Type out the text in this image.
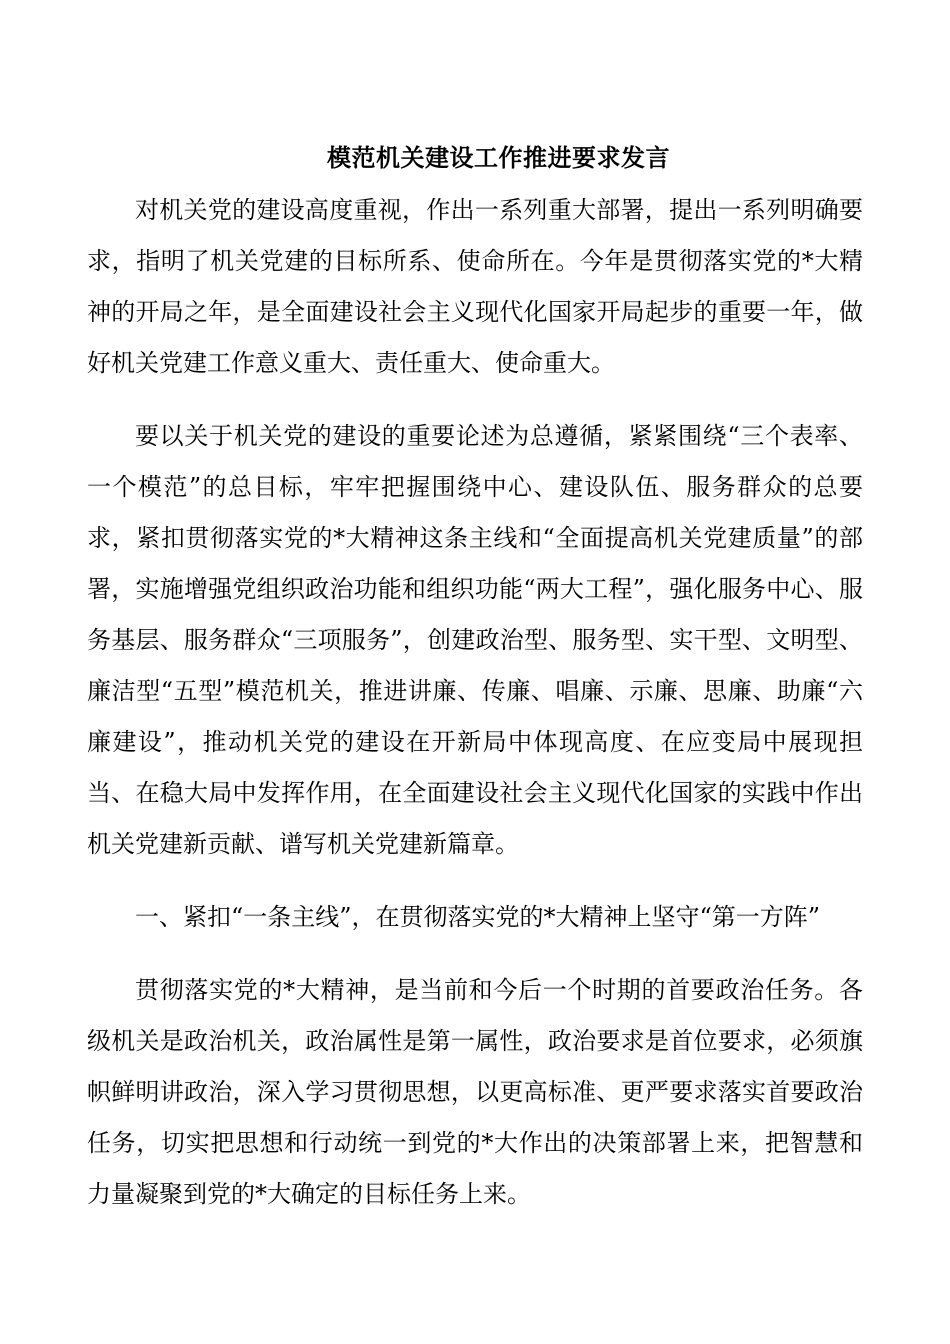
模范机关建设工作推进要求发言

对机关党的建设高度重视，作出一系列重大部署，提出一系列明确要求，指明了机关党建的目标所系、使命所在。今年是贯彻落实党的*大精神的开局之年，是全面建设社会主义现代化国家开局起步的重要一年，做好机关党建工作意义重大、责任重大、使命重大。

要以关于机关党的建设的重要论述为总遵循，紧紧围绕“三个表率、一个模范”的总目标，牢牢把握围绕中心、建设队伍、服务群众的总要求，紧扣贯彻落实党的*大精神这条主线和“全面提高机关党建质量”的部署，实施增强党组织政治功能和组织功能“两大工程”，强化服务中心、服务基层、服务群众“三项服务”，创建政治型、服务型、实干型、文明型、廉洁型“五型”模范机关，推进讲廉、传廉、唱廉、示廉、思廉、助廉“六廉建设”，推动机关党的建设在开新局中体现高度、在应变局中展现担当、在稳大局中发挥作用，在全面建设社会主义现代化国家的实践中作出机关党建新贡献、谱写机关党建新篇章。

一、紧扣“一条主线”，在贯彻落实党的*大精神上坚守“第一方阵”

贯彻落实党的*大精神，是当前和今后一个时期的首要政治任务。各级机关是政治机关，政治属性是第一属性，政治要求是首位要求，必须旗帜鲜明讲政治，深入学习贯彻思想，以更高标准、更严要求落实首要政治任务，切实把思想和行动统一到党的*大作出的决策部署上来，把智慧和力量凝聚到党的*大确定的目标任务上来。
